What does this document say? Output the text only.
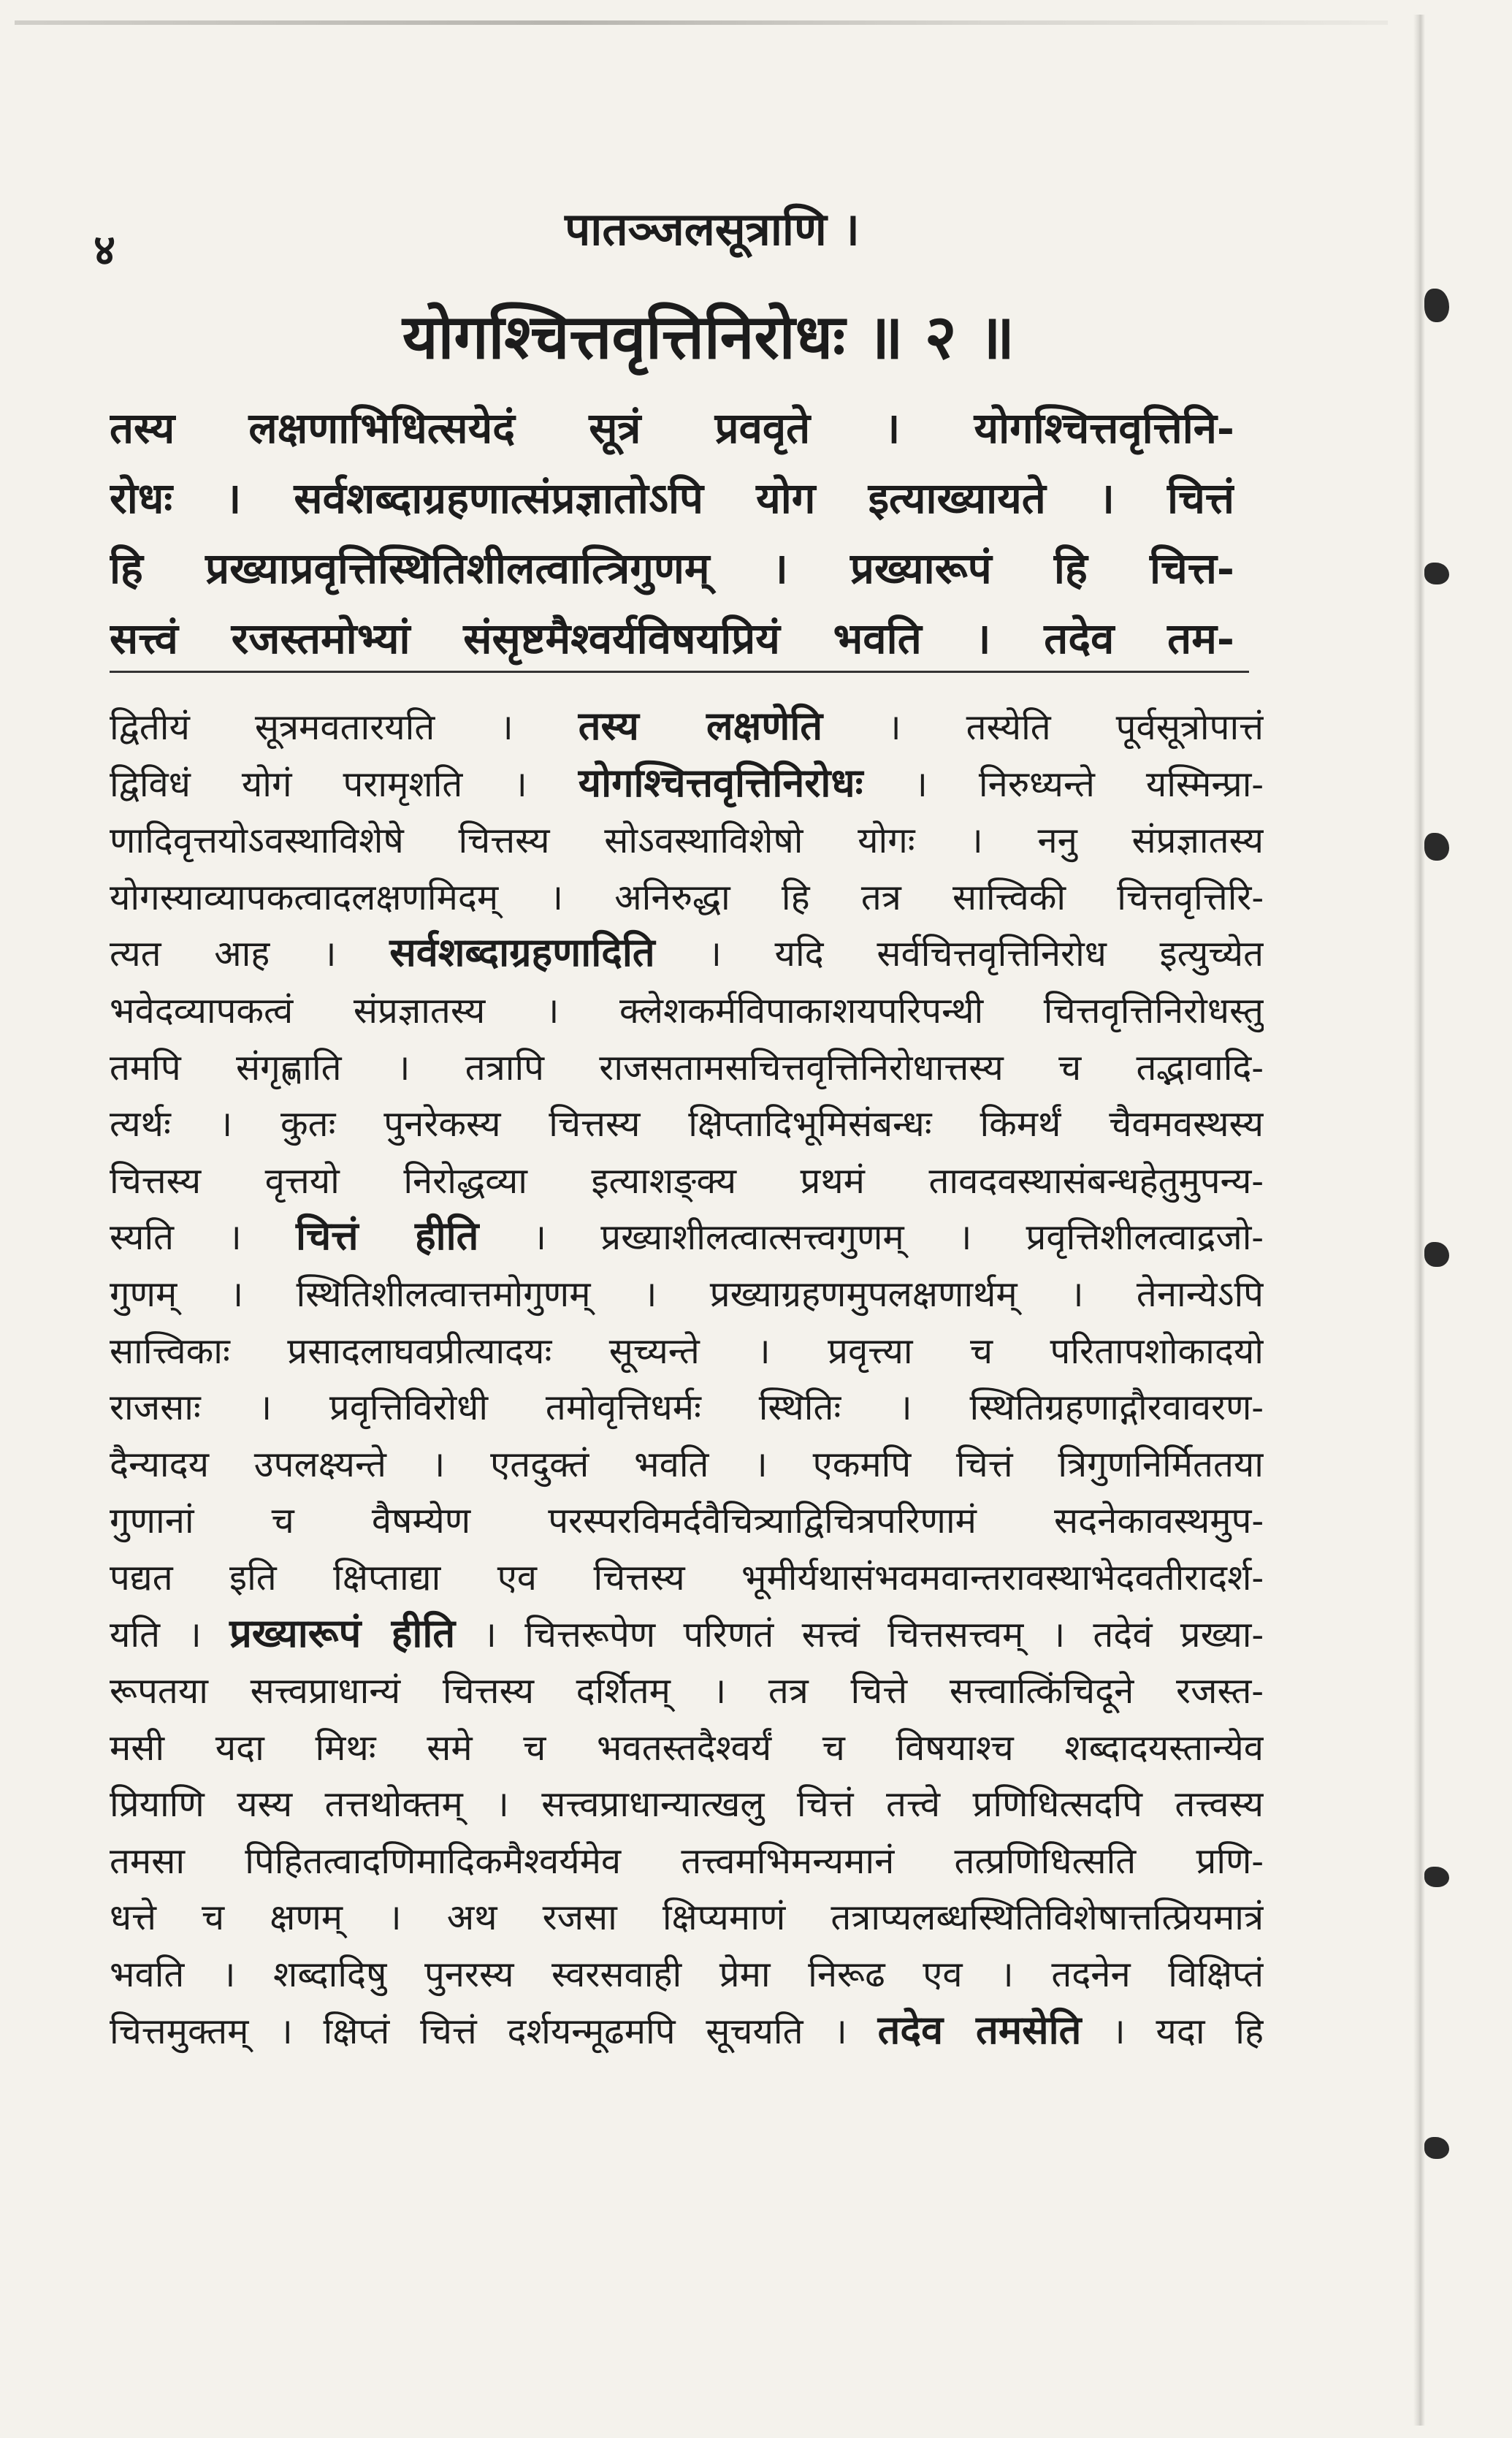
४	पातञ्जलसूत्राणि ।
योगश्चित्तवृत्तिनिरोधः ॥ २ ॥
तस्य लक्षणाभिधित्सयेदं सूत्रं प्रववृते । योगश्चित्तवृत्तिनि-
रोधः । सर्वशब्दाग्रहणात्संप्रज्ञातोऽपि योग इत्याख्यायते । चित्तं
हि प्रख्याप्रवृत्तिस्थितिशीलत्वात्त्रिगुणम् । प्रख्यारूपं हि चित्त-
सत्त्वं रजस्तमोभ्यां संसृष्टमैश्वर्यविषयप्रियं भवति । तदेव तम-
द्वितीयं सूत्रमवतारयति । तस्य लक्षणेति । तस्येति पूर्वसूत्रोपात्तं
द्विविधं योगं परामृशति । योगश्चित्तवृत्तिनिरोधः । निरुध्यन्ते यस्मिन्प्रा-
णादिवृत्तयोऽवस्थाविशेषे चित्तस्य सोऽवस्थाविशेषो योगः । ननु संप्रज्ञातस्य
योगस्याव्यापकत्वादलक्षणमिदम् । अनिरुद्धा हि तत्र सात्त्विकी चित्तवृत्तिरि-
त्यत आह । सर्वशब्दाग्रहणादिति । यदि सर्वचित्तवृत्तिनिरोध इत्युच्येत
भवेदव्यापकत्वं संप्रज्ञातस्य । क्लेशकर्मविपाकाशयपरिपन्थी चित्तवृत्तिनिरोधस्तु
तमपि संगृह्णाति । तत्रापि राजसतामसचित्तवृत्तिनिरोधात्तस्य च तद्भावादि-
त्यर्थः । कुतः पुनरेकस्य चित्तस्य क्षिप्तादिभूमिसंबन्धः किमर्थं चैवमवस्थस्य
चित्तस्य वृत्तयो निरोद्धव्या इत्याशङ्क्य प्रथमं तावदवस्थासंबन्धहेतुमुपन्य-
स्यति । चित्तं हीति । प्रख्याशीलत्वात्सत्त्वगुणम् । प्रवृत्तिशीलत्वाद्रजो-
गुणम् । स्थितिशीलत्वात्तमोगुणम् । प्रख्याग्रहणमुपलक्षणार्थम् । तेनान्येऽपि
सात्त्विकाः प्रसादलाघवप्रीत्यादयः सूच्यन्ते । प्रवृत्त्या च परितापशोकादयो
राजसाः । प्रवृत्तिविरोधी तमोवृत्तिधर्मः स्थितिः । स्थितिग्रहणाद्गौरवावरण-
दैन्यादय उपलक्ष्यन्ते । एतदुक्तं भवति । एकमपि चित्तं त्रिगुणनिर्मिततया
गुणानां च वैषम्येण परस्परविमर्दवैचित्र्याद्विचित्रपरिणामं सदनेकावस्थमुप-
पद्यत इति क्षिप्ताद्या एव चित्तस्य भूमीर्यथासंभवमवान्तरावस्थाभेदवतीरादर्श-
यति । प्रख्यारूपं हीति । चित्तरूपेण परिणतं सत्त्वं चित्तसत्त्वम् । तदेवं प्रख्या-
रूपतया सत्त्वप्राधान्यं चित्तस्य दर्शितम् । तत्र चित्ते सत्त्वात्किंचिदूने रजस्त-
मसी यदा मिथः समे च भवतस्तदैश्वर्यं च विषयाश्च शब्दादयस्तान्येव
प्रियाणि यस्य तत्तथोक्तम् । सत्त्वप्राधान्यात्खलु चित्तं तत्त्वे प्रणिधित्सदपि तत्त्वस्य
तमसा पिहितत्वादणिमादिकमैश्वर्यमेव तत्त्वमभिमन्यमानं तत्प्रणिधित्सति प्रणि-
धत्ते च क्षणम् । अथ रजसा क्षिप्यमाणं तत्राप्यलब्धस्थितिविशेषात्तत्प्रियमात्रं
भवति । शब्दादिषु पुनरस्य स्वरसवाही प्रेमा निरूढ एव । तदनेन विक्षिप्तं
चित्तमुक्तम् । क्षिप्तं चित्तं दर्शयन्मूढमपि सूचयति । तदेव तमसेति । यदा हि
